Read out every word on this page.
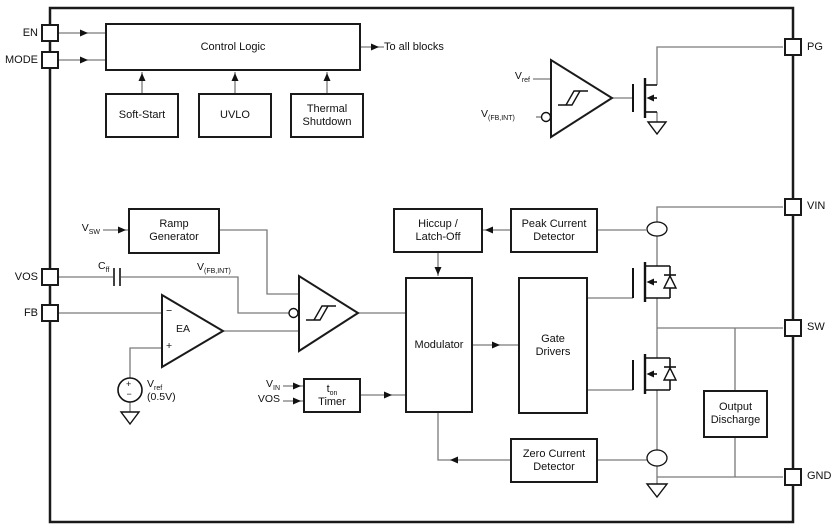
Control Logic
Soft-Start	UVLO
Thermal
Shutdown
Ramp
Generator
Hiccup /
Latch-Off
Peak Current
Detector
Modulator	Gate
Drivers
$t_{on}$
Timer
Zero Current
Detector
Output
Discharge
EN
MODE
VOS
FB
PG
VIN
SW
GND
To all blocks
$V_{SW}$
$C_{ff}$	$V_{(FB,INT)}$
$V_{ref}$
$V_{(FB,INT)}$
$V_{IN}$
VOS
EA
−
+
+
−
$V_{ref}$
(0.5V)
